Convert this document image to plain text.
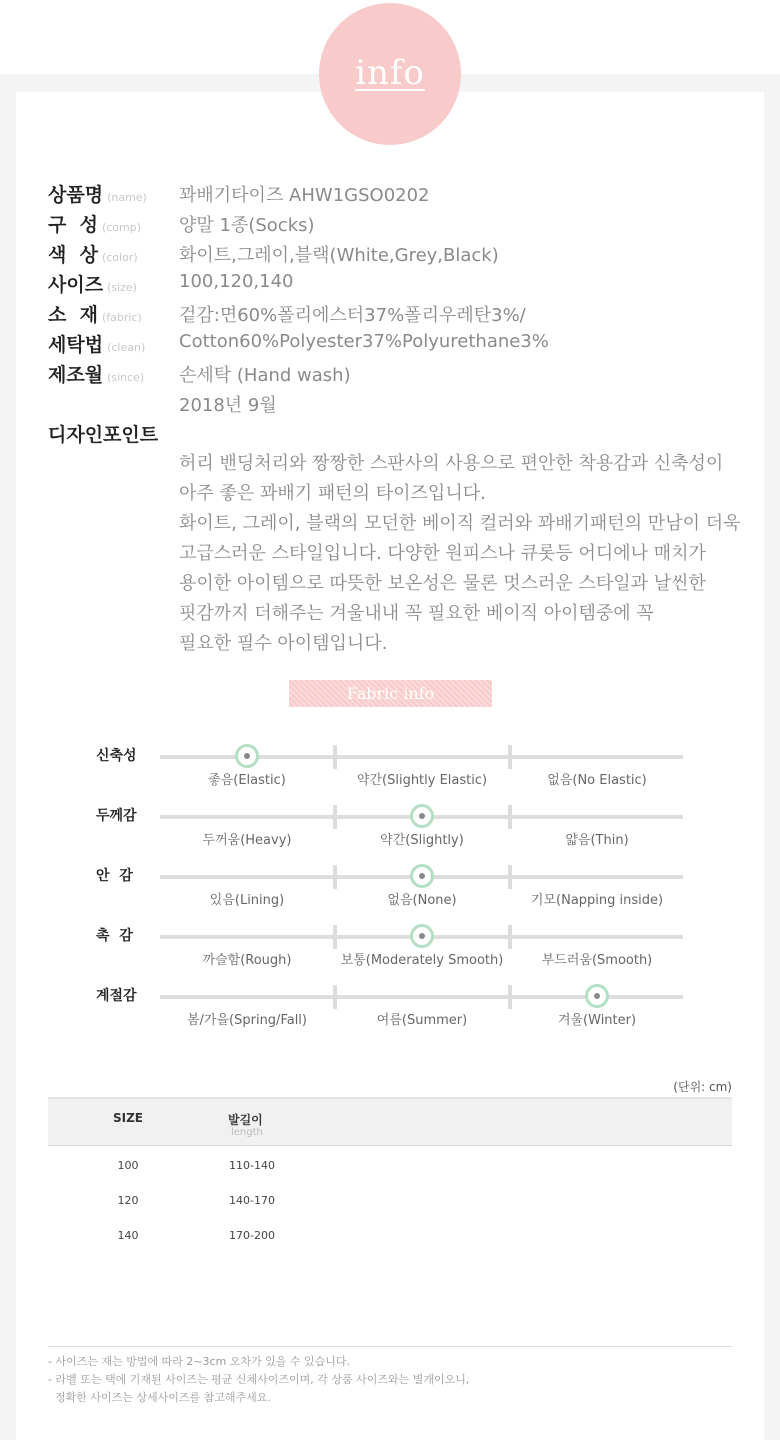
info
상품명 (name) 꽈배기타이즈 AHW1GSO0202
구  성 (comp) 양말 1종(Socks)
색  상 (color) 화이트,그레이,블랙(White,Grey,Black)
사이즈 (size) 100,120,140
소  재 (fabric) 겉감:면60%폴리에스터37%폴리우레탄3%/
세탁법 (clean) Cotton60%Polyester37%Polyurethane3%
제조월 (since) 손세탁 (Hand wash)
2018년 9월
디자인포인트
허리 밴딩처리와 짱짱한 스판사의 사용으로 편안한 착용감과 신축성이
아주 좋은 꽈배기 패턴의 타이즈입니다.
화이트, 그레이, 블랙의 모던한 베이직 컬러와 꽈배기패턴의 만남이 더욱
고급스러운 스타일입니다. 다양한 원피스나 큐롯등 어디에나 매치가
용이한 아이템으로 따뜻한 보온성은 물론 멋스러운 스타일과 날씬한
핏감까지 더해주는 겨울내내 꼭 필요한 베이직 아이템중에 꼭
필요한 필수 아이템입니다.
Fabric info
신축성
좋음(Elastic)	약간(Slightly Elastic)	없음(No Elastic)
두께감
두꺼움(Heavy)	약간(Slightly)	얇음(Thin)
안  감
있음(Lining)	없음(None)	기모(Napping inside)
촉  감
까슬함(Rough)	보통(Moderately Smooth)	부드러움(Smooth)
계절감
봄/가을(Spring/Fall)	여름(Summer)	겨울(Winter)
(단위: cm)
SIZE	발길이
length
100	110-140
120	140-170
140	170-200
- 사이즈는 재는 방법에 따라 2~3cm 오차가 있을 수 있습니다.
- 라벨 또는 택에 기재된 사이즈는 평균 신체사이즈이며, 각 상품 사이즈와는 별개이오니,
정확한 사이즈는 상세사이즈를 참고해주세요.
